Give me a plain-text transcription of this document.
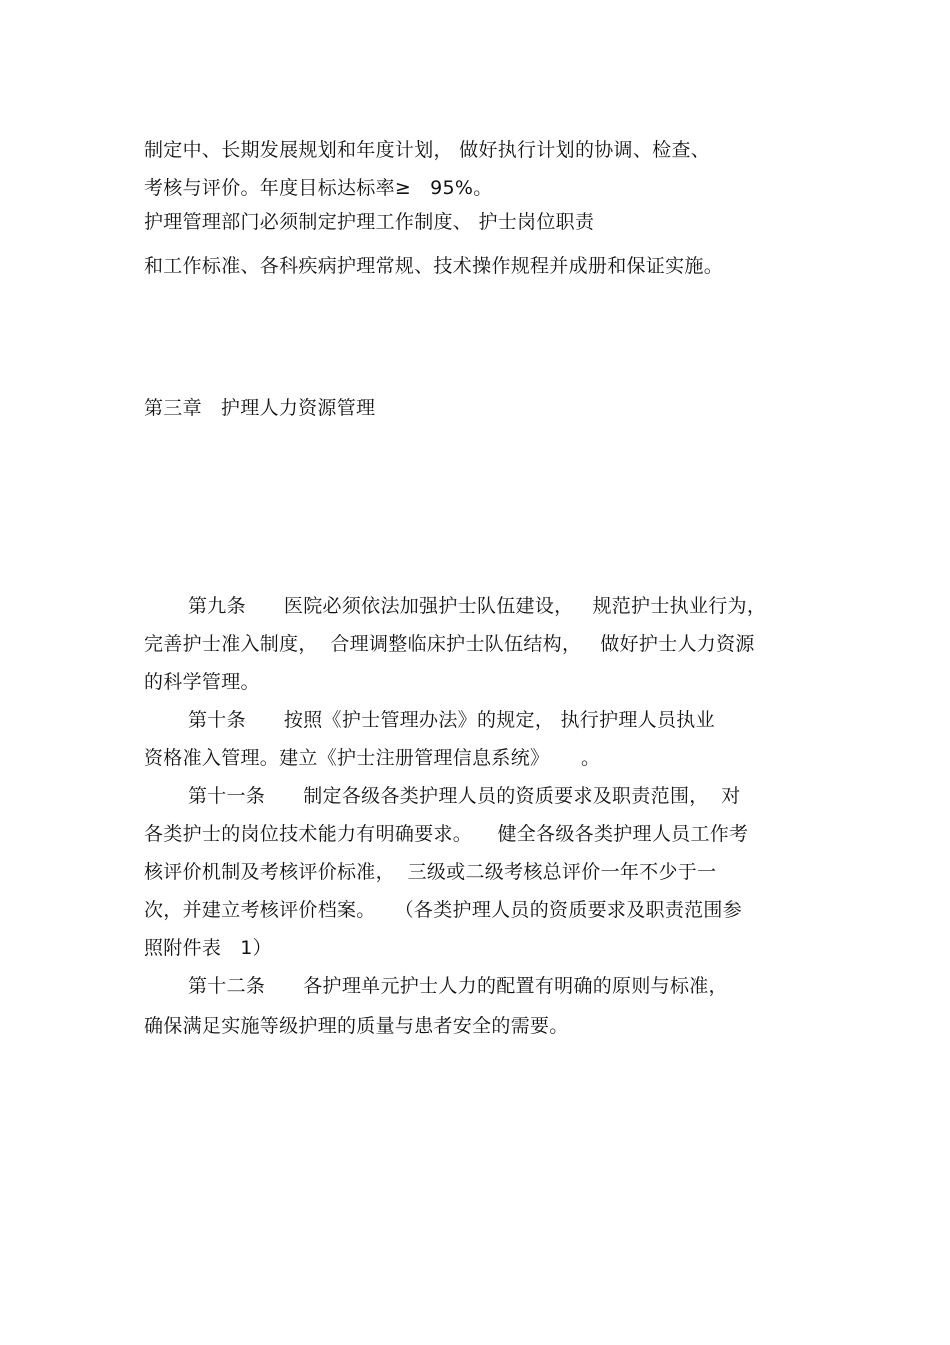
制定中、长期发展规划和年度计划， 做好执行计划的协调、检查、
考核与评价。年度目标达标率≥   95%。
护理管理部门必须制定护理工作制度、 护士岗位职责
和工作标准、各科疾病护理常规、技术操作规程并成册和保证实施。
第三章   护理人力资源管理
第九条      医院必须依法加强护士队伍建设，   规范护士执业行为，
完善护士准入制度，  合理调整临床护士队伍结构，   做好护士人力资源
的科学管理。
第十条      按照《护士管理办法》的规定， 执行护理人员执业
资格准入管理。建立《护士注册管理信息系统》     。
第十一条      制定各级各类护理人员的资质要求及职责范围，  对
各类护士的岗位技术能力有明确要求。    健全各级各类护理人员工作考
核评价机制及考核评价标准，  三级或二级考核总评价一年不少于一
次，并建立考核评价档案。   （各类护理人员的资质要求及职责范围参
照附件表   1）
第十二条      各护理单元护士人力的配置有明确的原则与标准，
确保满足实施等级护理的质量与患者安全的需要。
